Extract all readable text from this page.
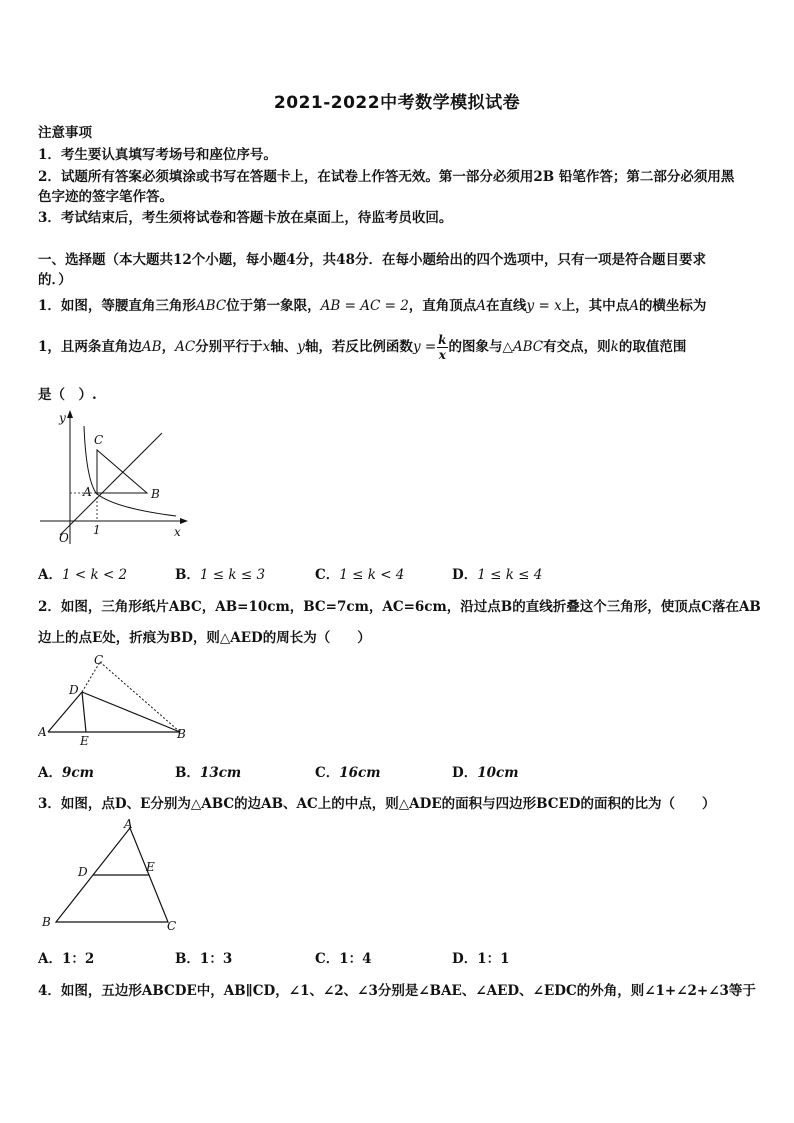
2021-2022中考数学模拟试卷
注意事项
1．考生要认真填写考场号和座位序号。
2．试题所有答案必须填涂或书写在答题卡上，在试卷上作答无效。第一部分必须用2B 铅笔作答；第二部分必须用黑
色字迹的签字笔作答。
3．考试结束后，考生须将试卷和答题卡放在桌面上，待监考员收回。
一、选择题（本大题共12个小题，每小题4分，共48分．在每小题给出的四个选项中，只有一项是符合题目要求
的．）
1．如图，等腰直角三角形ABC位于第一象限，AB = AC = 2，直角顶点A在直线y = x上，其中点A的横坐标为
1，且两条直角边AB，AC分别平行于x轴、y轴，若反比例函数$y = \frac{k}{x}$ 的图象与△ABC有交点，则k的取值范围
是（　）.
y
x
O
1
A	B
C
A．1 < k < 2	B．1 ≤ k ≤ 3	C．1 ≤ k < 4	D．1 ≤ k ≤ 4
2．如图，三角形纸片ABC，AB=10cm，BC=7cm，AC=6cm，沿过点B的直线折叠这个三角形，使顶点C落在AB
边上的点E处，折痕为BD，则△AED的周长为（　　）
A	B
C
D
E
A．9cm	B．13cm	C．16cm	D．10cm
3．如图，点D、E分别为△ABC的边AB、AC上的中点，则△ADE的面积与四边形BCED的面积的比为（　　）
A
B	C
D	E
A．1：2	B．1：3	C．1：4	D．1：1
4．如图，五边形ABCDE中，AB∥CD，∠1、∠2、∠3分别是∠BAE、∠AED、∠EDC的外角，则∠1+∠2+∠3等于
